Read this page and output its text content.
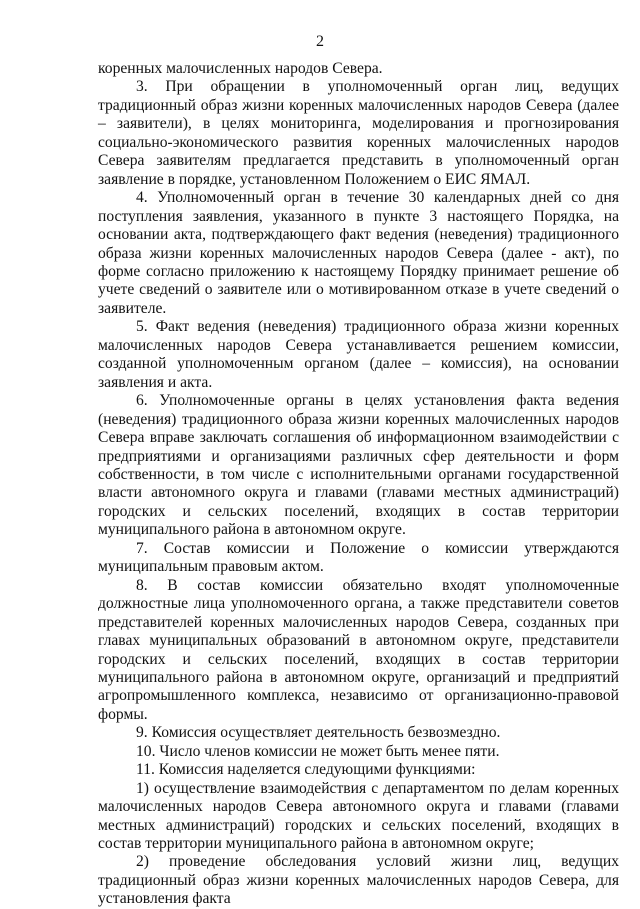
2

коренных малочисленных народов Севера.

3. При обращении в уполномоченный орган лиц, ведущих традиционный образ жизни коренных малочисленных народов Севера (далее – заявители), в целях мониторинга, моделирования и прогнозирования социально-экономического развития коренных малочисленных народов Севера заявителям предлагается представить в уполномоченный орган заявление в порядке, установленном Положением о ЕИС ЯМАЛ.

4. Уполномоченный орган в течение 30 календарных дней со дня поступления заявления, указанного в пункте 3 настоящего Порядка, на основании акта, подтверждающего факт ведения (неведения) традиционного образа жизни коренных малочисленных народов Севера (далее - акт), по форме согласно приложению к настоящему Порядку принимает решение об учете сведений о заявителе или о мотивированном отказе в учете сведений о заявителе.

5. Факт ведения (неведения) традиционного образа жизни коренных малочисленных народов Севера устанавливается решением комиссии, созданной уполномоченным органом (далее – комиссия), на основании заявления и акта.

6. Уполномоченные органы в целях установления факта ведения (неведения) традиционного образа жизни коренных малочисленных народов Севера вправе заключать соглашения об информационном взаимодействии с предприятиями и организациями различных сфер деятельности и форм собственности, в том числе с исполнительными органами государственной власти автономного округа и главами (главами местных администраций) городских и сельских поселений, входящих в состав территории муниципального района в автономном округе.

7. Состав комиссии и Положение о комиссии утверждаются муниципальным правовым актом.

8. В состав комиссии обязательно входят уполномоченные должностные лица уполномоченного органа, а также представители советов представителей коренных малочисленных народов Севера, созданных при главах муниципальных образований в автономном округе, представители городских и сельских поселений, входящих в состав территории муниципального района в автономном округе, организаций и предприятий агропромышленного комплекса, независимо от организационно-правовой формы.

9. Комиссия осуществляет деятельность безвозмездно.

10. Число членов комиссии не может быть менее пяти.

11. Комиссия наделяется следующими функциями:

1) осуществление взаимодействия с департаментом по делам коренных малочисленных народов Севера автономного округа и главами (главами местных администраций) городских и сельских поселений, входящих в состав территории муниципального района в автономном округе;

2) проведение обследования условий жизни лиц, ведущих традиционный образ жизни коренных малочисленных народов Севера, для установления факта
